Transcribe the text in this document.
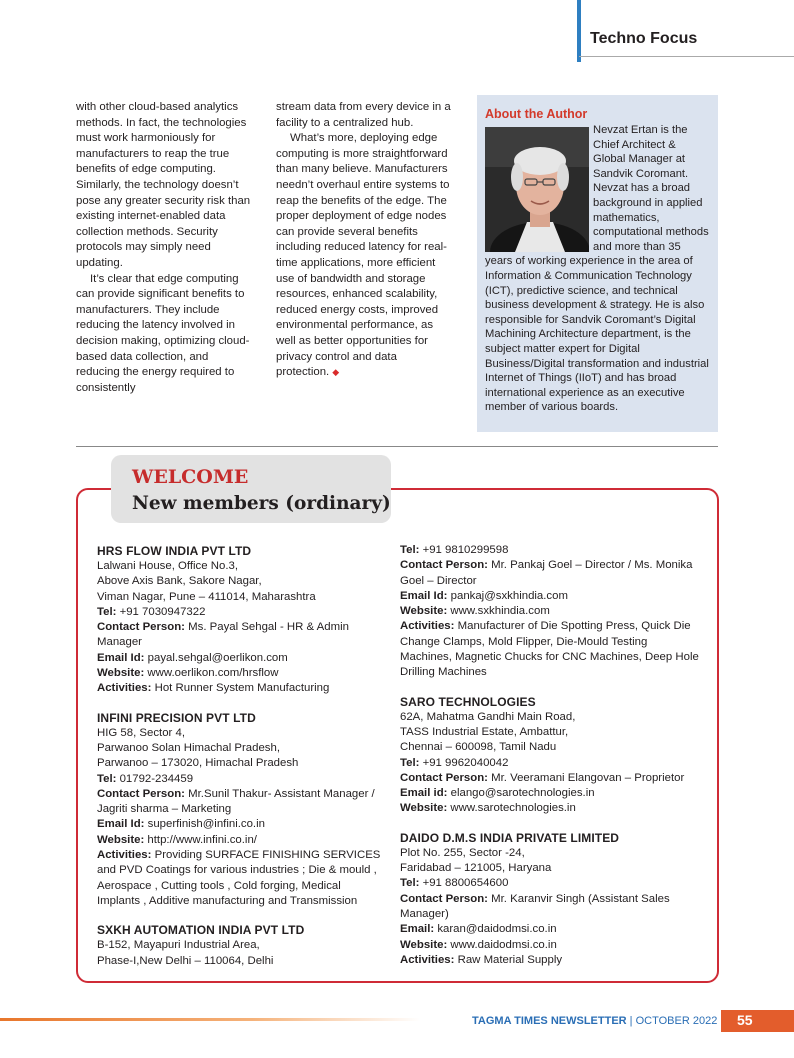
Techno Focus

with other cloud-based analytics methods. In fact, the technologies must work harmoniously for manufacturers to reap the true benefits of edge computing. Similarly, the technology doesn’t pose any greater security risk than existing internet-enabled data collection methods. Security protocols may simply need updating.

It’s clear that edge computing can provide significant benefits to manufacturers. They include reducing the latency involved in decision making, optimizing cloud-based data collection, and reducing the energy required to consistently

stream data from every device in a facility to a centralized hub.

What’s more, deploying edge computing is more straightforward than many believe. Manufacturers needn’t overhaul entire systems to reap the benefits of the edge. The proper deployment of edge nodes can provide several benefits including reduced latency for real-time applications, more efficient use of bandwidth and storage resources, enhanced scalability, reduced energy costs, improved environmental performance, as well as better opportunities for privacy control and data protection. ◆

About the Author
Nevzat Ertan is the Chief Architect & Global Manager at Sandvik Coromant. Nevzat has a broad background in applied mathematics, computational methods and more than 35 years of working experience in the area of Information & Communication Technology (ICT), predictive science, and technical business development & strategy. He is also responsible for Sandvik Coromant’s Digital Machining Architecture department, is the subject matter expert for Digital Business/Digital transformation and industrial Internet of Things (IIoT) and has broad international experience as an executive member of various boards.
WELCOME
New members (ordinary)
HRS FLOW INDIA PVT LTD
Lalwani House, Office No.3,
Above Axis Bank, Sakore Nagar,
Viman Nagar, Pune – 411014, Maharashtra
Tel: +91 7030947322
Contact Person: Ms. Payal Sehgal - HR & Admin Manager
Email Id: payal.sehgal@oerlikon.com
Website: www.oerlikon.com/hrsflow
Activities: Hot Runner System Manufacturing
INFINI PRECISION PVT LTD
HIG 58, Sector 4,
Parwanoo Solan Himachal Pradesh,
Parwanoo – 173020, Himachal Pradesh
Tel: 01792-234459
Contact Person: Mr.Sunil Thakur- Assistant Manager / Jagriti sharma – Marketing
Email Id: superfinish@infini.co.in
Website: http://www.infini.co.in/
Activities: Providing SURFACE FINISHING SERVICES and PVD Coatings for various industries ; Die & mould , Aerospace , Cutting tools , Cold forging, Medical Implants , Additive manufacturing and Transmission
SXKH AUTOMATION INDIA PVT LTD
B-152, Mayapuri Industrial Area,
Phase-I,New Delhi – 110064, Delhi
Tel: +91 9810299598
Contact Person: Mr. Pankaj Goel – Director / Ms. Monika Goel – Director
Email Id: pankaj@sxkhindia.com
Website: www.sxkhindia.com
Activities: Manufacturer of Die Spotting Press, Quick Die Change Clamps, Mold Flipper, Die-Mould Testing Machines, Magnetic Chucks for CNC Machines, Deep Hole Drilling Machines
SARO TECHNOLOGIES
62A, Mahatma Gandhi Main Road,
TASS Industrial Estate, Ambattur,
Chennai – 600098, Tamil Nadu
Tel: +91 9962040042
Contact Person: Mr. Veeramani Elangovan – Proprietor
Email id: elango@sarotechnologies.in
Website: www.sarotechnologies.in
DAIDO D.M.S INDIA PRIVATE LIMITED
Plot No. 255, Sector -24,
Faridabad – 121005, Haryana
Tel: +91 8800654600
Contact Person: Mr. Karanvir Singh (Assistant Sales Manager)
Email: karan@daidodmsi.co.in
Website: www.daidodmsi.co.in
Activities: Raw Material Supply
TAGMA TIMES NEWSLETTER | OCTOBER 2022 55
